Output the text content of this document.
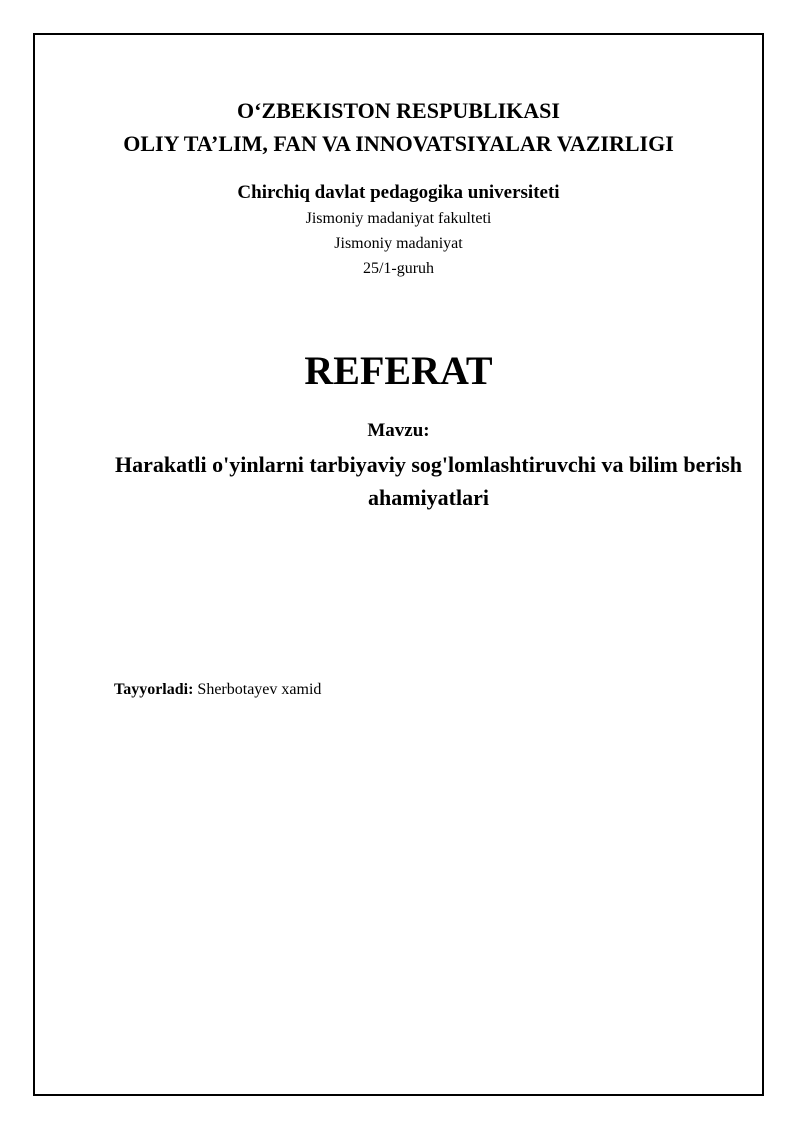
O‘ZBEKISTON RESPUBLIKASI

OLIY TA’LIM, FAN VA INNOVATSIYALAR VAZIRLIGI

Chirchiq davlat pedagogika universiteti

Jismoniy madaniyat fakulteti

Jismoniy madaniyat

25/1-guruh

REFERAT

Mavzu:

Harakatli o'yinlarni tarbiyaviy sog'lomlashtiruvchi va bilim berish ahamiyatlari

Tayyorladi: Sherbotayev xamid
